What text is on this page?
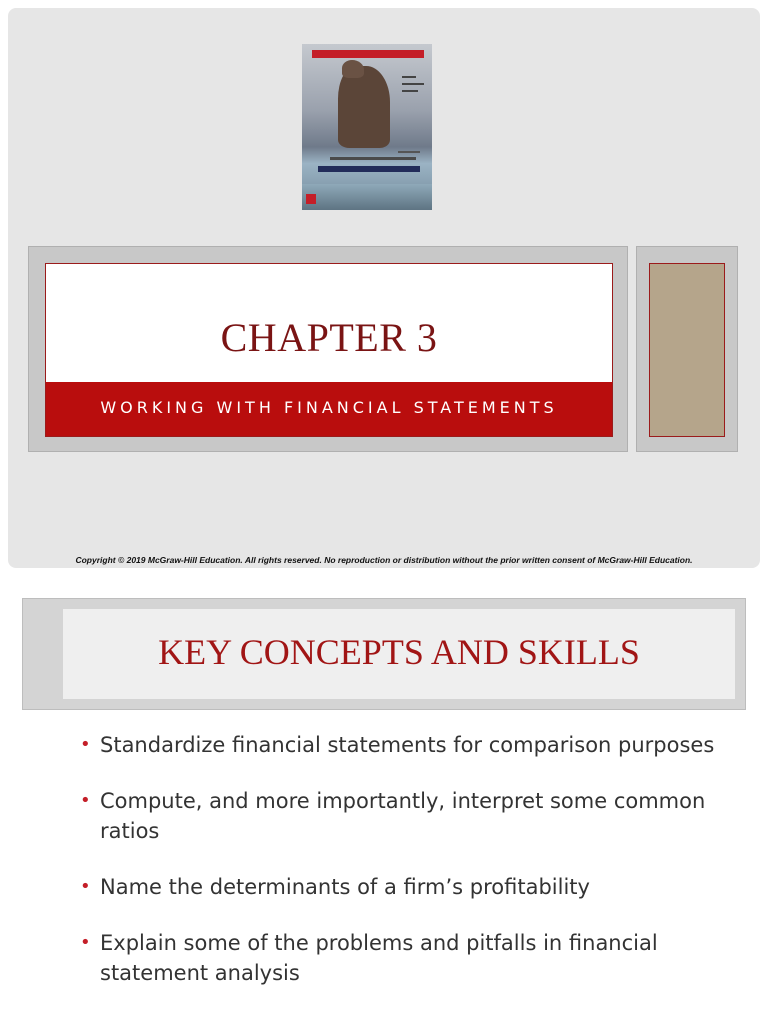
CHAPTER 3
WORKING WITH FINANCIAL STATEMENTS
Copyright © 2019 McGraw-Hill Education. All rights reserved. No reproduction or distribution without the prior written consent of McGraw-Hill Education.
KEY CONCEPTS AND SKILLS
• Standardize financial statements for comparison purposes
• Compute, and more importantly, interpret some common ratios
• Name the determinants of a firm’s profitability
• Explain some of the problems and pitfalls in financial statement analysis
